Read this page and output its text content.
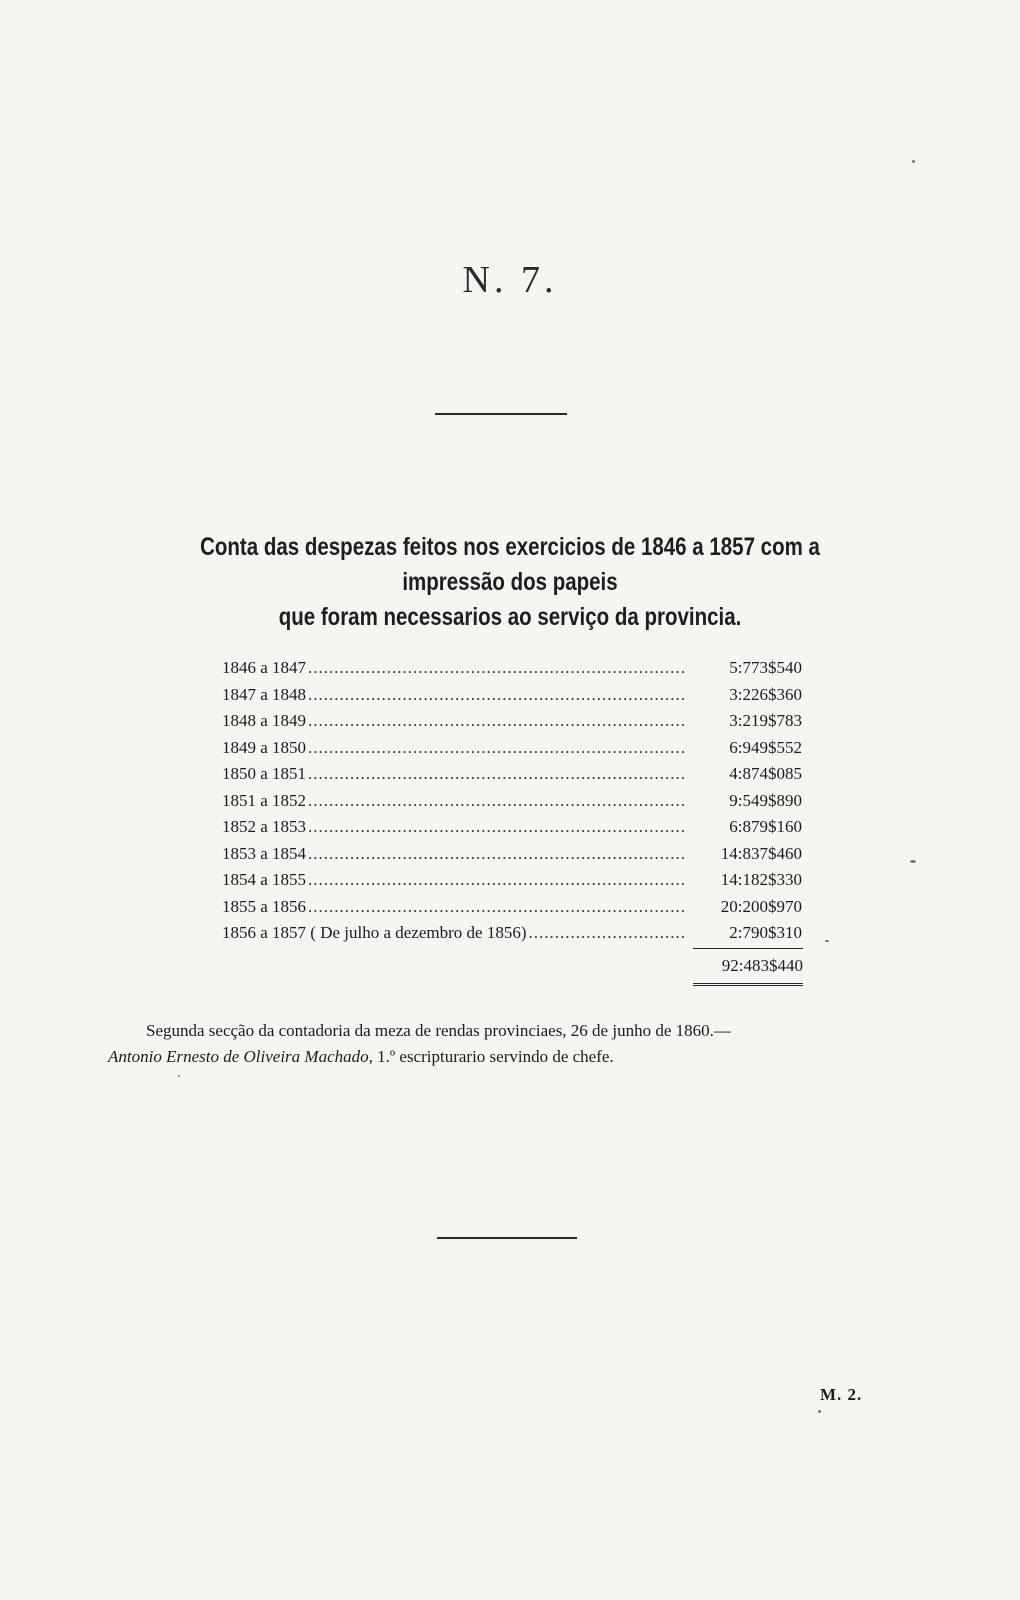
N. 7.
Conta das despezas feitos nos exercicios de 1846 a 1857 com a impressão dos papeis
que foram necessarios ao serviço da provincia.
1846 a 1847 .....	5:773$540
1847 a 1848 .....	3:226$360
1848 a 1849 .....	3:219$783
1849 a 1850 .....	6:949$552
1850 a 1851 .....	4:874$085
1851 a 1852 .....	9:549$890
1852 a 1853 .....	6:879$160
1853 a 1854 .....	14:837$460
1854 a 1855 .....	14:182$330
1855 a 1856 .....	20:200$970
1856 a 1857 ( De julho a dezembro de 1856) .....	2:790$310
92:483$440
Segunda secção da contadoria da meza de rendas provinciaes, 26 de junho de 1860.—
Antonio Ernesto de Oliveira Machado, 1.º escripturario servindo de chefe.
M. 2.
